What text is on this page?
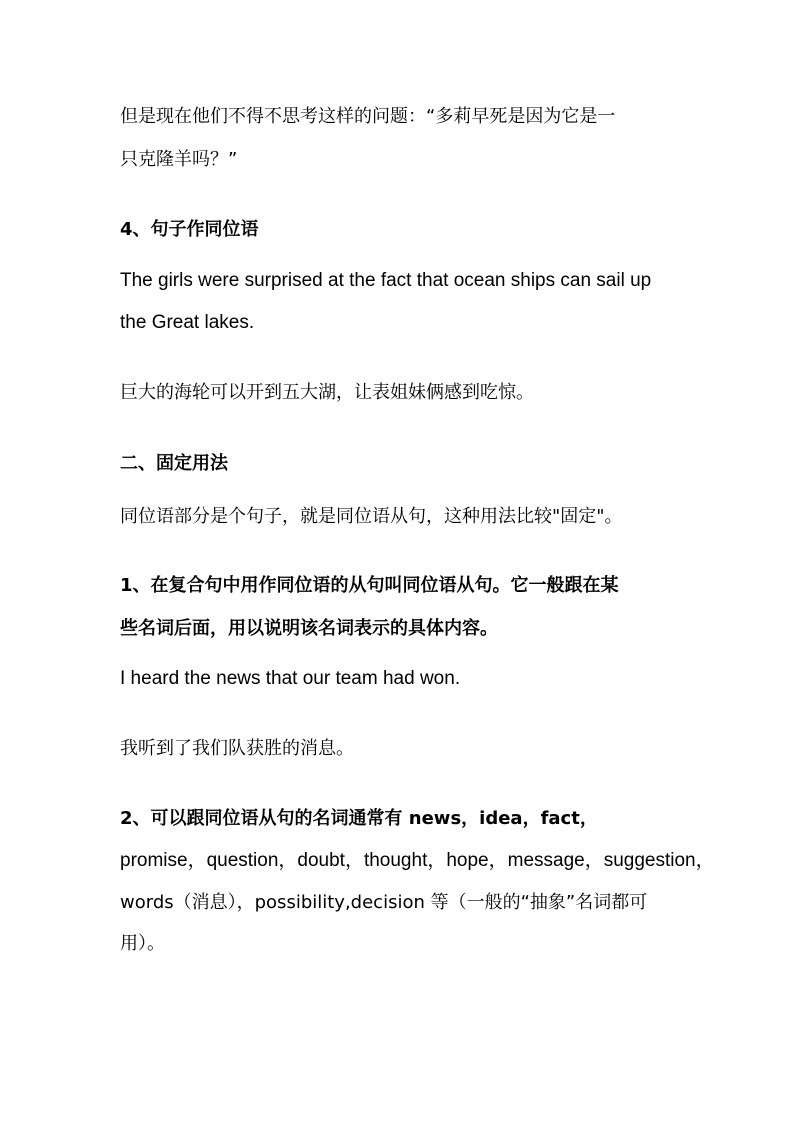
但是现在他们不得不思考这样的问题：“多莉早死是因为它是一
只克隆羊吗？”
4、句子作同位语
The girls were surprised at the fact that ocean ships can sail up
the Great lakes.
巨大的海轮可以开到五大湖，让表姐妹俩感到吃惊。
二、固定用法
同位语部分是个句子，就是同位语从句，这种用法比较"固定"。
1、在复合句中用作同位语的从句叫同位语从句。它一般跟在某
些名词后面，用以说明该名词表示的具体内容。
I heard the news that our team had won.
我听到了我们队获胜的消息。
2、可以跟同位语从句的名词通常有 news，idea，fact，
promise，question，doubt，thought，hope，message，suggestion，
words（消息），possibility,decision 等（一般的“抽象”名词都可
用）。
